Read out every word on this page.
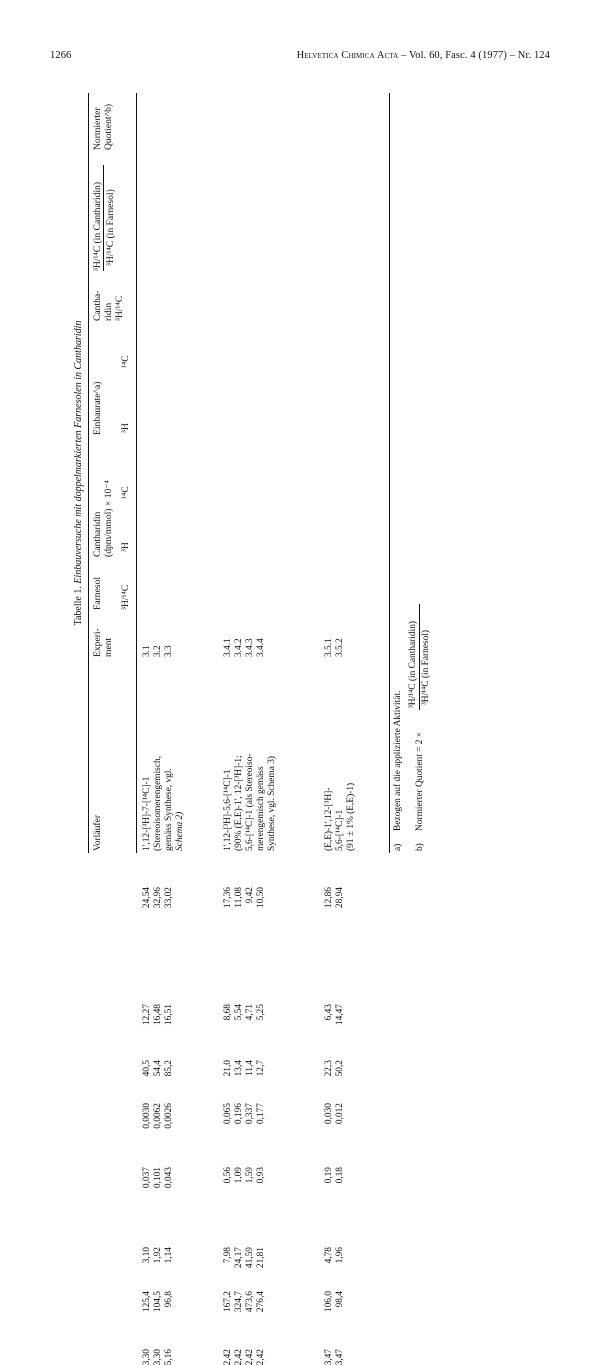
1266	Helvetica Chimica Acta – Vol. 60, Fasc. 4 (1977) – Nr. 124
Tabelle 1. Einbauversuche mit doppelmarkierten Farnesolen in Cantharidin
Vorläufer
Experi- ment
Farnesol ³H/¹⁴C
Cantharidin (dpm/mmol) × 10⁻⁴ ³H
¹⁴C
Einbaurate^a) ³H
¹⁴C
Cantha- ridin ³H/¹⁴C
³H/¹⁴C (in Cantharidin) ³H/¹⁴C (in Farnesol)
Normierter Quotient^b)
1',12-[³H]-7-[¹⁴C]-1 (Stereoisomerengemisch, gemäss Synthese, vgl. Schema 2)
3.1
3,30
125,4
3,10
0,037
0,0030
40,5
12,27
24,54
3.2
3,30
104,5
1,92
0,101
0,0062
54,4
16,48
32,96
3.3
5,16
96,8
1,14
0,043
0,0026
85,2
16,51
33,02
1',12-[³H]-5,6-[¹⁴C]-1 (90% (E,E)-1', 12-[³H]-1; 5,6-[¹⁴C]-1 (als Stereoiso- merengemisch gemäss Synthese, vgl. Schema 3)
3.4.1
2,42
167,2
7,98
0,56
0,065
21,0
8,68
17,36
3.4.2
2,42
324,7
24,17
1,09
0,196
13,4
5,54
11,08
3.4.3
2,42
473,6
41,59
1,59
0,337
11,4
4,71
9,42
3.4.4
2,42
276,4
21,81
0,93
0,177
12,7
5,25
10,50
(E,E)-1',12-[³H]- 5,6-[¹⁴C]-1 (91 ± 1% (E,E)-1)
3.5.1
3,47
106,0
4,78
0,19
0,030
22,3
6,43
12,86
3.5.2
3,47
98,4
1,96
0,18
0,012
50,2
14,47
28,94
a)
Bezogen auf die applizierte Aktivität.
b)
Normierter Quotient = 2 ×
³H/¹⁴C (in Cantharidin) ³H/¹⁴C (in Farnesol)
